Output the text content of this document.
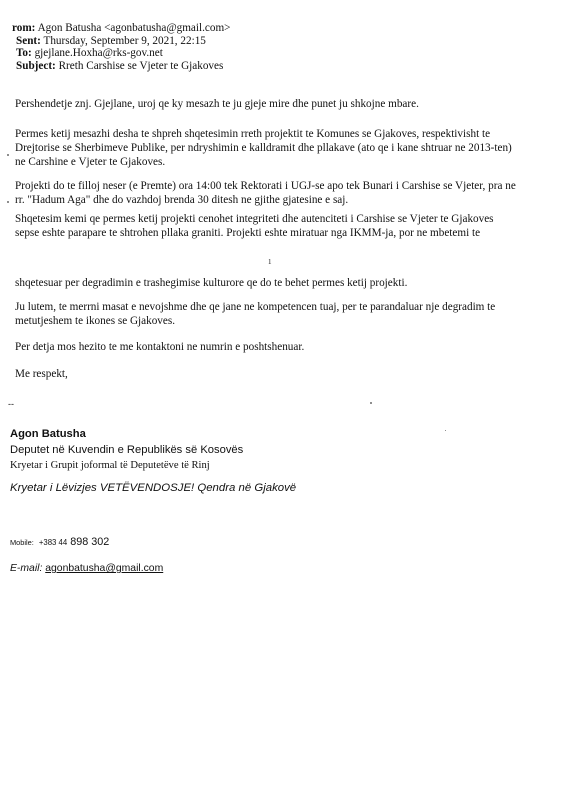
rom: Agon Batusha <agonbatusha@gmail.com>
Sent: Thursday, September 9, 2021, 22:15
To: gjejlane.Hoxha@rks-gov.net
Subject: Rreth Carshise se Vjeter te Gjakoves
Pershendetje znj. Gjejlane, uroj qe ky mesazh te ju gjeje mire dhe punet ju shkojne mbare.
Permes ketij mesazhi desha te shpreh shqetesimin rreth projektit te Komunes se Gjakoves, respektivisht te
Drejtorise se Sherbimeve Publike, per ndryshimin e kalldramit dhe pllakave (ato qe i kane shtruar ne 2013-ten)
ne Carshine e Vjeter te Gjakoves.
Projekti do te filloj neser (e Premte) ora 14:00 tek Rektorati i UGJ-se apo tek Bunari i Carshise se Vjeter, pra ne
rr. "Hadum Aga" dhe do vazhdoj brenda 30 ditesh ne gjithe gjatesine e saj.
Shqetesim kemi qe permes ketij projekti cenohet integriteti dhe autenciteti i Carshise se Vjeter te Gjakoves
sepse eshte parapare te shtrohen pllaka graniti. Projekti eshte miratuar nga IKMM-ja, por ne mbetemi te
1
shqetesuar per degradimin e trashegimise kulturore qe do te behet permes ketij projekti.
Ju lutem, te merrni masat e nevojshme dhe qe jane ne kompetencen tuaj, per te parandaluar nje degradim te
metutjeshem te ikones se Gjakoves.
Per detja mos hezito te me kontaktoni ne numrin e poshtshenuar.
Me respekt,
--
Agon Batusha
Deputet në Kuvendin e Republikës së Kosovës
Kryetar i Grupit joformal të Deputetëve të Rinj
Kryetar i Lëvizjes VETËVENDOSJE! Qendra në Gjakovë
Mobile: +383 44 898 302
E-mail: agonbatusha@gmail.com
